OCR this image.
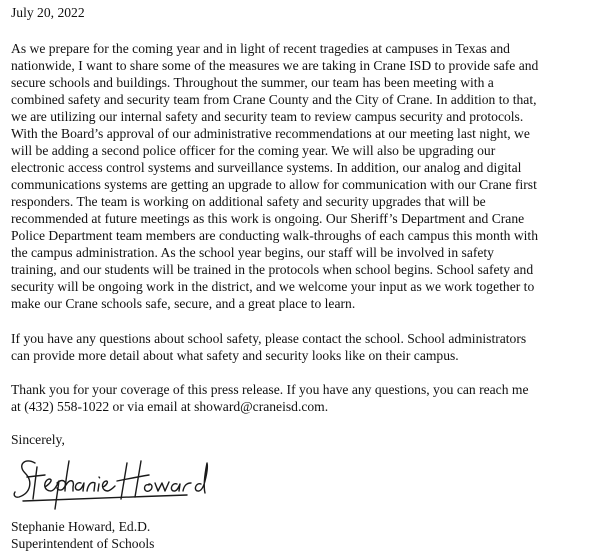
July 20, 2022
As we prepare for the coming year and in light of recent tragedies at campuses in Texas and
nationwide, I want to share some of the measures we are taking in Crane ISD to provide safe and
secure schools and buildings. Throughout the summer, our team has been meeting with a
combined safety and security team from Crane County and the City of Crane. In addition to that,
we are utilizing our internal safety and security team to review campus security and protocols.
With the Board’s approval of our administrative recommendations at our meeting last night, we
will be adding a second police officer for the coming year. We will also be upgrading our
electronic access control systems and surveillance systems. In addition, our analog and digital
communications systems are getting an upgrade to allow for communication with our Crane first
responders. The team is working on additional safety and security upgrades that will be
recommended at future meetings as this work is ongoing. Our Sheriff’s Department and Crane
Police Department team members are conducting walk-throughs of each campus this month with
the campus administration. As the school year begins, our staff will be involved in safety
training, and our students will be trained in the protocols when school begins. School safety and
security will be ongoing work in the district, and we welcome your input as we work together to
make our Crane schools safe, secure, and a great place to learn.
If you have any questions about school safety, please contact the school. School administrators
can provide more detail about what safety and security looks like on their campus.
Thank you for your coverage of this press release. If you have any questions, you can reach me
at (432) 558-1022 or via email at showard@craneisd.com.
Sincerely,
Stephanie Howard, Ed.D.
Superintendent of Schools
